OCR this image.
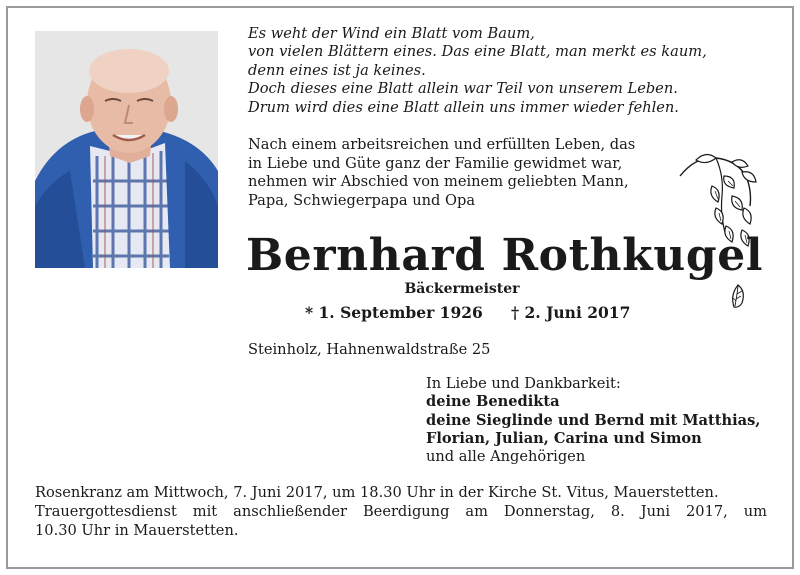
Es weht der Wind ein Blatt vom Baum,
von vielen Blättern eines. Das eine Blatt, man merkt es kaum,
denn eines ist ja keines.
Doch dieses eine Blatt allein war Teil von unserem Leben.
Drum wird dies eine Blatt allein uns immer wieder fehlen.
Nach einem arbeitsreichen und erfüllten Leben, das
in Liebe und Güte ganz der Familie gewidmet war,
nehmen wir Abschied von meinem geliebten Mann,
Papa, Schwiegerpapa und Opa
Bernhard Rothkugel
Bäckermeister
* 1. September 1926 † 2. Juni 2017
Steinholz, Hahnenwaldstraße 25
In Liebe und Dankbarkeit:
deine Benedikta
deine Sieglinde und Bernd mit Matthias,
Florian, Julian, Carina und Simon
und alle Angehörigen
Rosenkranz am Mittwoch, 7. Juni 2017, um 18.30 Uhr in der Kirche St. Vitus, Mauerstetten.
Trauergottesdienst mit anschließender Beerdigung am Donnerstag, 8. Juni 2017, um
10.30 Uhr in Mauerstetten.
